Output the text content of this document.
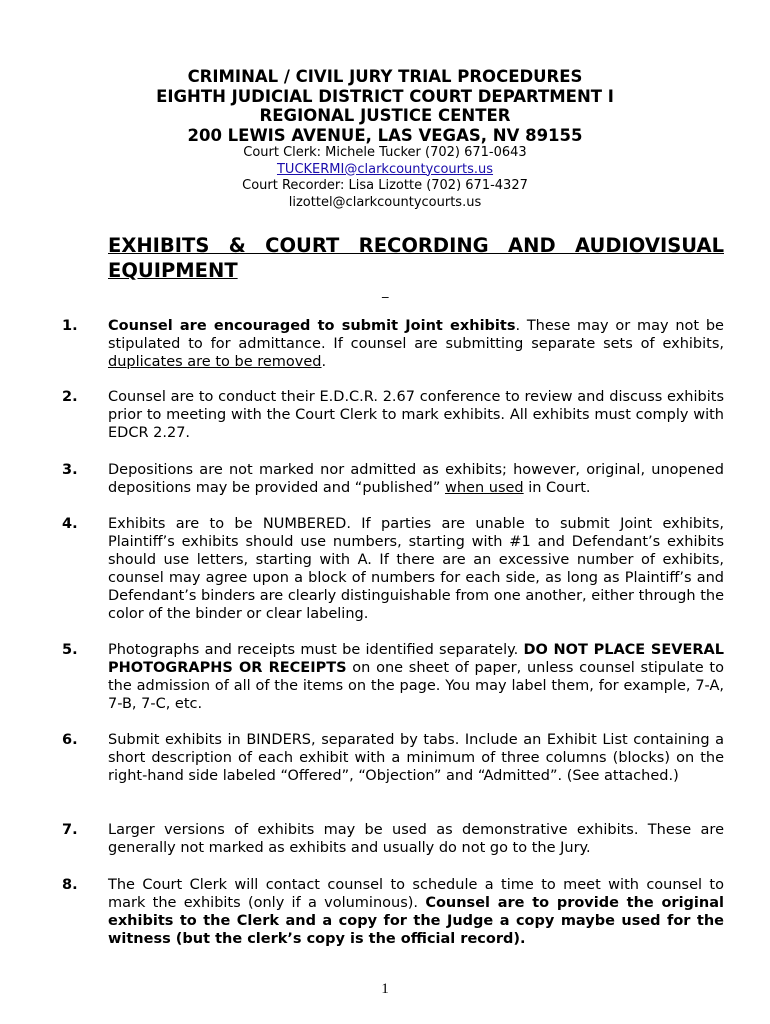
CRIMINAL / CIVIL JURY TRIAL PROCEDURES
EIGHTH JUDICIAL DISTRICT COURT DEPARTMENT I
REGIONAL JUSTICE CENTER
200 LEWIS AVENUE, LAS VEGAS, NV 89155
Court Clerk: Michele Tucker (702) 671-0643
TUCKERMI@clarkcountycourts.us
Court Recorder: Lisa Lizotte (702) 671-4327
lizottel@clarkcountycourts.us
EXHIBITS & COURT RECORDING AND AUDIOVISUAL EQUIPMENT
_
1. Counsel are encouraged to submit Joint exhibits. These may or may not be stipulated to for admittance. If counsel are submitting separate sets of exhibits, duplicates are to be removed.
2. Counsel are to conduct their E.D.C.R. 2.67 conference to review and discuss exhibits prior to meeting with the Court Clerk to mark exhibits. All exhibits must comply with EDCR 2.27.
3. Depositions are not marked nor admitted as exhibits; however, original, unopened depositions may be provided and “published” when used in Court.
4. Exhibits are to be NUMBERED. If parties are unable to submit Joint exhibits, Plaintiff’s exhibits should use numbers, starting with #1 and Defendant’s exhibits should use letters, starting with A. If there are an excessive number of exhibits, counsel may agree upon a block of numbers for each side, as long as Plaintiff’s and Defendant’s binders are clearly distinguishable from one another, either through the color of the binder or clear labeling.
5. Photographs and receipts must be identified separately. DO NOT PLACE SEVERAL PHOTOGRAPHS OR RECEIPTS on one sheet of paper, unless counsel stipulate to the admission of all of the items on the page. You may label them, for example, 7-A, 7-B, 7-C, etc.
6. Submit exhibits in BINDERS, separated by tabs. Include an Exhibit List containing a short description of each exhibit with a minimum of three columns (blocks) on the right-hand side labeled “Offered”, “Objection” and “Admitted”. (See attached.)
7. Larger versions of exhibits may be used as demonstrative exhibits. These are generally not marked as exhibits and usually do not go to the Jury.
8. The Court Clerk will contact counsel to schedule a time to meet with counsel to mark the exhibits (only if a voluminous). Counsel are to provide the original exhibits to the Clerk and a copy for the Judge a copy maybe used for the witness (but the clerk’s copy is the official record).
1
